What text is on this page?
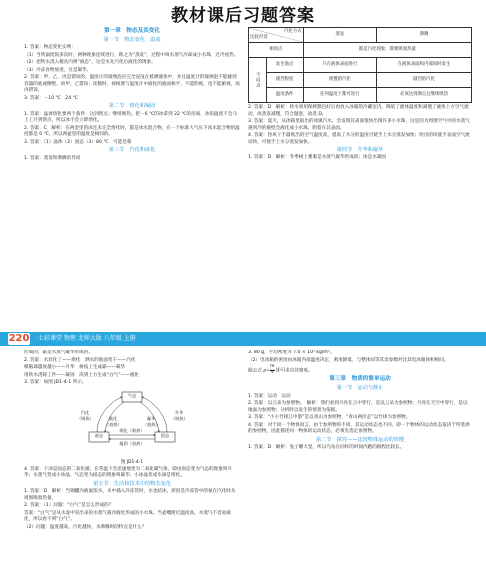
教材课后习题答案
第一章　物态及其变化
第一节　物态变化　温度

1. 答案：物态变化实例：

（1）当铁锅烧饭多次时，两种现象连续进行，称之为“蒸发”，过程中叫水蒸气冷却成小水珠，过冷放热。

（2）把铁水浇入模具内则“液态”，这是水先汽化后液化的现象。

（3）冷冻食物放进，这是凝华。

2. 答案：甲、乙、丙是错误的。温度计的玻璃泡应完全浸没在被测液体中，并且温度计的玻璃泡不能碰到容器的底或侧壁，故甲、乙错误；读数时，视线要与温度计中液柱的液面相平，不能仰视，也不能俯视，故丙错误。

3. 答案：－10 ℃　24 ℃

第二节　熔化和凝固

1. 答案：晶体熔化要两个条件：达到熔点；继续吸热。把－6 ℃的冰拿到 22 ℃的房间，冰的温度不会马上上升到熔点，所以冰不会立即熔化。

2. 答案：C　解析：在两金里的冰还未完全熔化时，都是冰水混合物，在一个标准大气压下冰水混合物的温度都是 0 ℃，所以两盆里的温度是相同的。

3. 答案：（1）晶体（2）固态（3）80 ℃　可能是蔡

第三节　汽化和液化

1. 答案：蒸发和沸腾的异同

汽化方式
比较内容		蒸发	沸腾
相同点		都是汽化现象，都要吸收热量	
不同点	发生地点	只在液体表面进行	在液体表面和内部同时发生
	剧烈程度	缓慢的汽化	剧烈的汽化
	温度条件	任何温度下都可进行	必须达到沸点且继续吸热

2. 答案：D　解析：将水果用保鲜膜包好后再放入冰箱的冷藏室内，降低了液体温度和减慢了液体上方空气流动，故蒸发减慢，符合题意，故选 D。

3. 答案：夏天，从冰箱里取出的冰镇汽水，会发现其表面很快出现许多小水珠，这是因为周围空气中的水蒸气遇到冷的瓶壁会液化成小水珠，附着在其表面。

4. 答案：热风干手器吹出的空气温度高，提高了水分的温度可使手上水分蒸发加快；吹出的风使手表面空气流动快，可使手上水分蒸发加快。

第四节　升华和凝华

1. 答案：D　解析：冬季树上雾凇是水蒸气凝华形成的；冰是水凝固

220 七彩课堂 物理 北师大版 八年级 上册

形成的；霜是水蒸气凝华形成的。

2. 答案：水状化了——熔化　洒水的地面变干——汽化

樟脑球越放越小——升华　树枝上生成霜——凝华

用铁水浇铸工件——凝固　冻到上方生成“白气”——液化

3. 答案：如图 JD1-4-1 所示。

气态
液态	固态
汽化（吸热）	液化（放热）
升华（吸热）
凝华（放热）
熔化（吸热）
凝固（放热）
图 JD1-4-1

4. 答案：干冰是固态的二氧化碳，在常温下会迅速地变为二氧化碳气体，即由固态变为气态的现象叫升华；水蒸气变成小冰晶，气态变为固态的现象叫凝华；小冰晶变成水滴是熔化。

第五节　生活和技术中的物态变化

1. 答案：D　解析：当钢罐内液氮浓水，水中插入冷冻管时，水也结冰，原因是冷冻管中的氨在汽化时从周围吸收热量。

2. 答案：（1）问题：“白气”是怎么形成的？

答案：“白气”是从水壶中冒出来的水蒸气遇冷液化形成的小水珠。当壶嘴附近温度高，水蒸气不容易液化，所以看不到“白气”。

（2）问题：温度越高，汽化越快，水沸腾时的特点是什么？

3. 80 g，平均密度为 7.0 × 10³ kg/m³。

（2）电冰箱的密度由冰箱内部温度决定，密度降低，与整体同等其余参数对比其电冰箱体积相同。

据公式 $\rho= \frac{m}{V}$ 即可求出其密度。

第三章　物质的简单运动
第一节　运动与静止

1. 答案：运动　运动

2. 答案：以云朵为参照物。　解析：我们看到月亮在云中穿行，是以云朵为参照物；月亮在天空中穿行，是以地面为参照物；分析时以发生的情景为依据。

3. 答案：“小小竹排江中游”是以青山为参照物，“青山两岸走”以竹排为参照物。

4. 答案：对于同一个物体而言，由于参照物的不同，其运动状态也不同，即一个物体的运动状态取决于所选择的参照物，因此描述同一物体的运动状态，必须先选定参照物。

第二节　探究——比较物体运动的快慢

1. 答案：D　解析：兔子睡大觉，所以乌龟在同样的时间内跑的路程比较长。
